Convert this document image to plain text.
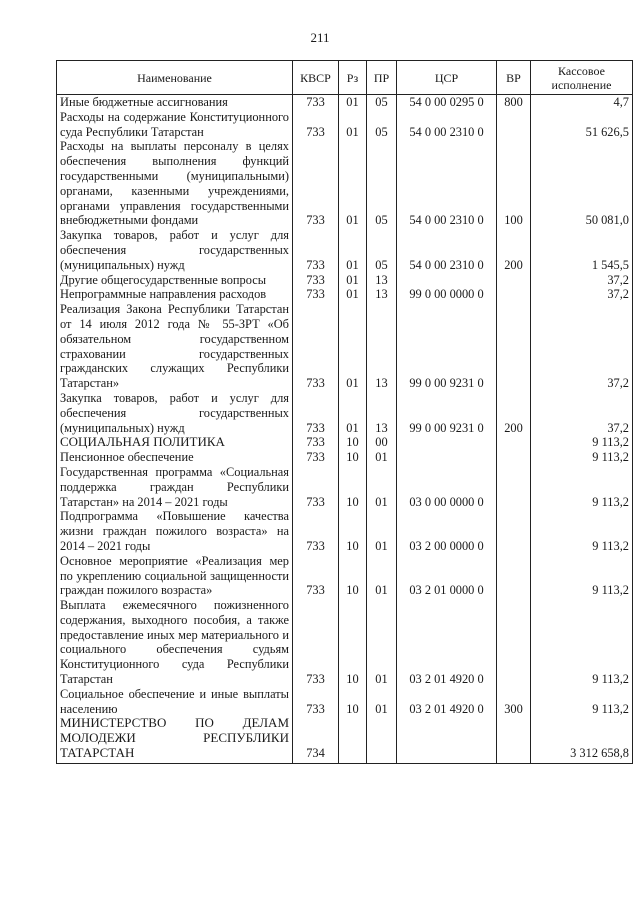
211
Наименование	КВСР	Рз	ПР	ЦСР	ВР	Кассовое исполнение
Иные бюджетные ассигнования	733	01	05	54 0 00 0295 0	800	4,7
Расходы на содержание Конституционного суда Республики Татарстан	733	01	05	54 0 00 2310 0		51 626,5
Расходы на выплаты персоналу в целях обеспечения выполнения функций государственными (муниципальными) органами, казенными учреждениями, органами управления государственными внебюджетными фондами	733	01	05	54 0 00 2310 0	100	50 081,0
Закупка товаров, работ и услуг для обеспечения государственных (муниципальных) нужд	733	01	05	54 0 00 2310 0	200	1 545,5
Другие общегосударственные вопросы	733	01	13			37,2
Непрограммные направления расходов	733	01	13	99 0 00 0000 0		37,2
Реализация Закона Республики Татарстан от 14 июля 2012 года № 55-ЗРТ «Об обязательном государственном страховании государственных гражданских служащих Республики Татарстан»	733	01	13	99 0 00 9231 0		37,2
Закупка товаров, работ и услуг для обеспечения государственных (муниципальных) нужд	733	01	13	99 0 00 9231 0	200	37,2
СОЦИАЛЬНАЯ ПОЛИТИКА	733	10	00			9 113,2
Пенсионное обеспечение	733	10	01			9 113,2
Государственная программа «Социальная поддержка граждан Республики Татарстан» на 2014 – 2021 годы	733	10	01	03 0 00 0000 0		9 113,2
Подпрограмма «Повышение качества жизни граждан пожилого возраста» на 2014 – 2021 годы	733	10	01	03 2 00 0000 0		9 113,2
Основное мероприятие «Реализация мер по укреплению социальной защищенности граждан пожилого возраста»	733	10	01	03 2 01 0000 0		9 113,2
Выплата ежемесячного пожизненного содержания, выходного пособия, а также предоставление иных мер материального и социального обеспечения судьям Конституционного суда Республики Татарстан	733	10	01	03 2 01 4920 0		9 113,2
Социальное обеспечение и иные выплаты населению	733	10	01	03 2 01 4920 0	300	9 113,2
МИНИСТЕРСТВО ПО ДЕЛАМ МОЛОДЕЖИ РЕСПУБЛИКИ ТАТАРСТАН	734					3 312 658,8
